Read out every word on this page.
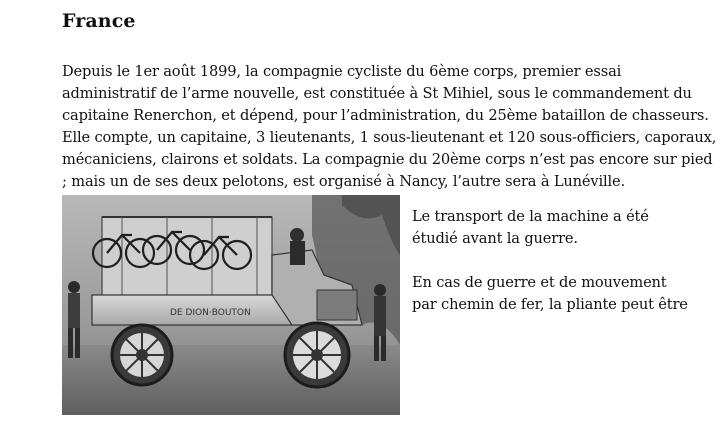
France
Depuis le 1er août 1899, la compagnie cycliste du 6ème corps, premier essai
administratif de l’arme nouvelle, est constituée à St Mihiel, sous le commandement du
capitaine Renerchon, et dépend, pour l’administration, du 25ème bataillon de chasseurs.
Elle compte, un capitaine, 3 lieutenants, 1 sous-lieutenant et 120 sous-officiers, caporaux,
mécaniciens, clairons et soldats. La compagnie du 20ème corps n’est pas encore sur pied
; mais un de ses deux pelotons, est organisé à Nancy, l’autre sera à Lunéville.
DE DION·BOUTON
Le transport de la machine a été
étudié avant la guerre.
En cas de guerre et de mouvement
par chemin de fer, la pliante peut être
